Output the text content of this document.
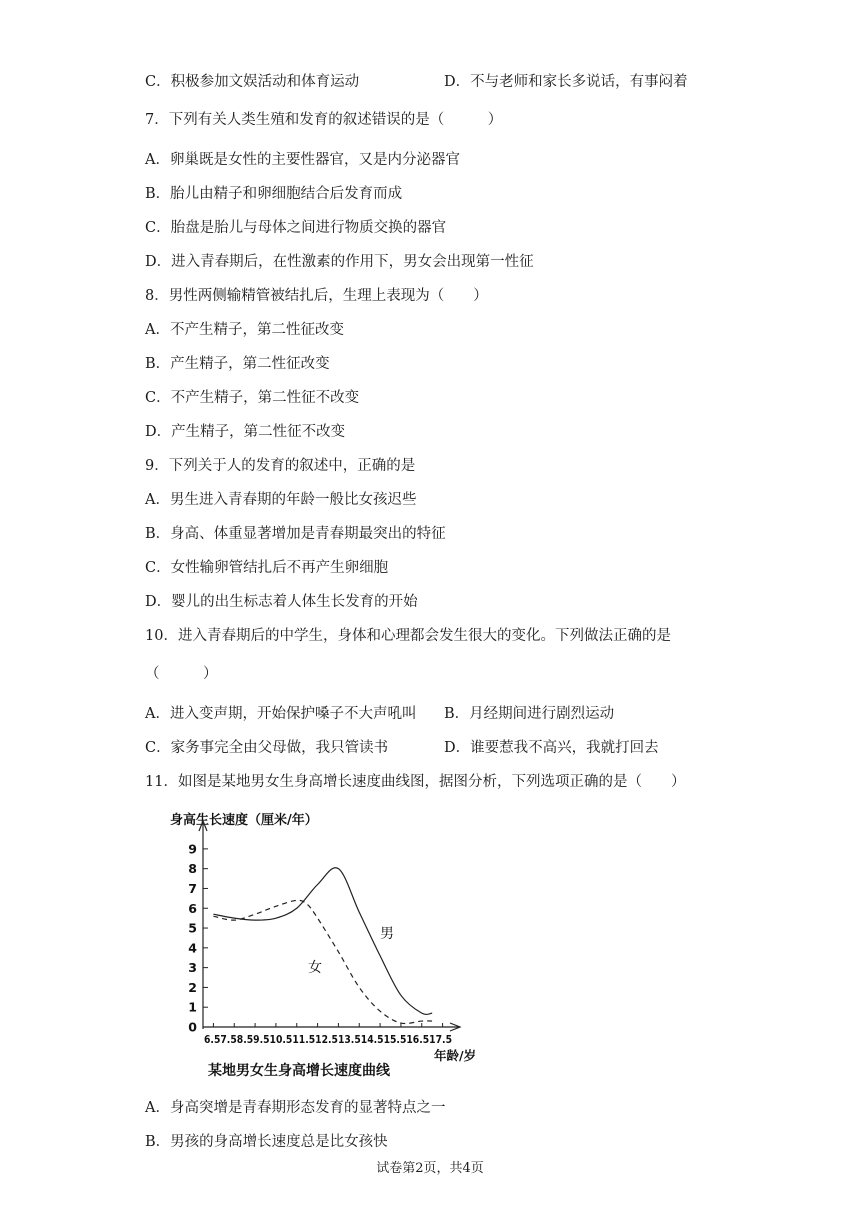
C．积极参加文娱活动和体育运动	D．不与老师和家长多说话，有事闷着
7．下列有关人类生殖和发育的叙述错误的是（　　　）
A．卵巢既是女性的主要性器官，又是内分泌器官
B．胎儿由精子和卵细胞结合后发育而成
C．胎盘是胎儿与母体之间进行物质交换的器官
D．进入青春期后，在性激素的作用下，男女会出现第一性征
8．男性两侧输精管被结扎后，生理上表现为（　　）
A．不产生精子，第二性征改变
B．产生精子，第二性征改变
C．不产生精子，第二性征不改变
D．产生精子，第二性征不改变
9．下列关于人的发育的叙述中，正确的是
A．男生进入青春期的年龄一般比女孩迟些
B．身高、体重显著增加是青春期最突出的特征
C．女性输卵管结扎后不再产生卵细胞
D．婴儿的出生标志着人体生长发育的开始
10．进入青春期后的中学生，身体和心理都会发生很大的变化。下列做法正确的是
（　　　）
A．进入变声期，开始保护嗓子不大声吼叫 B．月经期间进行剧烈运动
C．家务事完全由父母做，我只管读书	D．谁要惹我不高兴，我就打回去
11．如图是某地男女生身高增长速度曲线图，据图分析，下列选项正确的是（　　）
身高生长速度（厘米/年）
0
1
2
3
4
5
6
7
8
9
6.57.58.59.510.511.512.513.514.515.516.517.5
年龄/岁
男
女
某地男女生身高增长速度曲线
A．身高突增是青春期形态发育的显著特点之一
B．男孩的身高增长速度总是比女孩快
试卷第2页，共4页
